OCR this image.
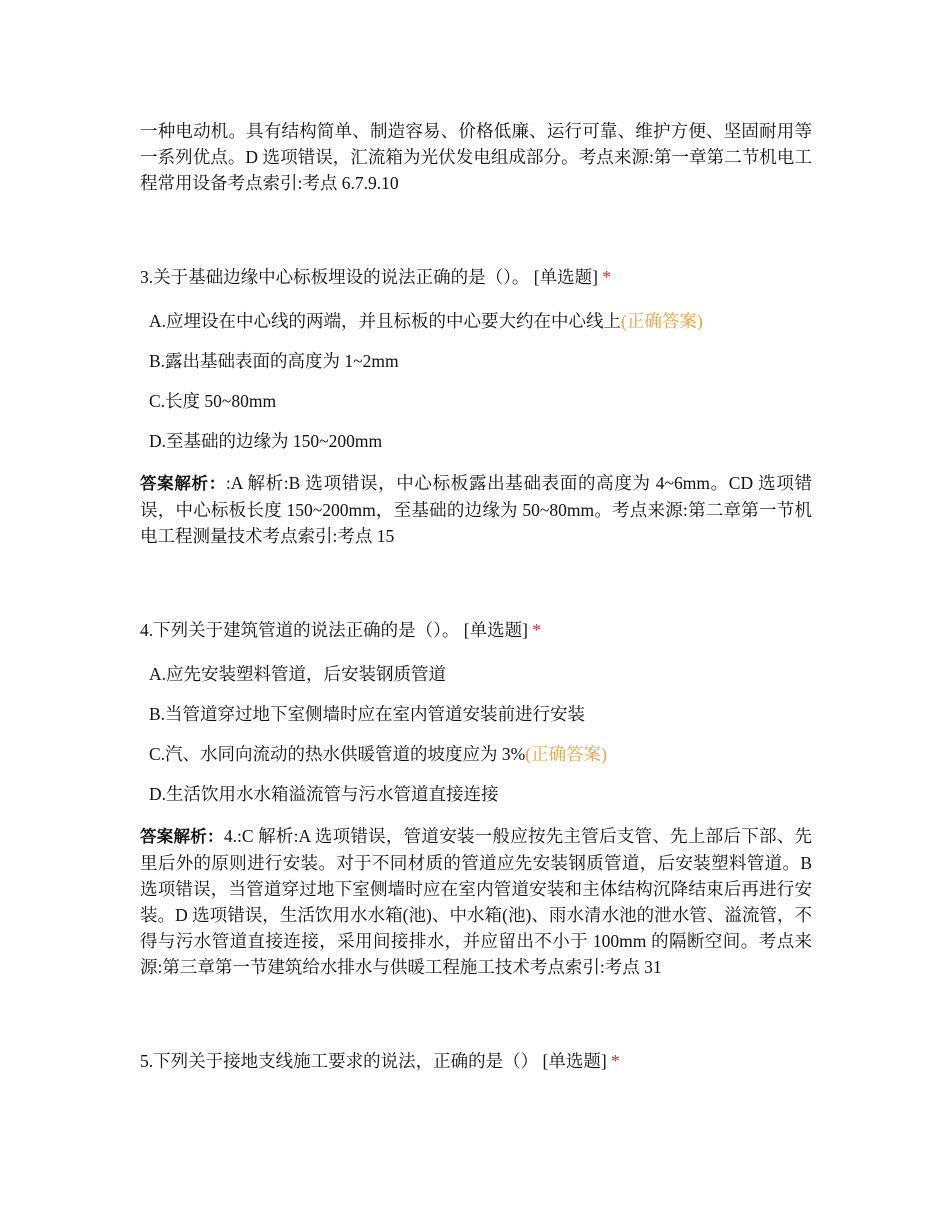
一种电动机。具有结构简单、制造容易、价格低廉、运行可靠、维护方便、坚固耐用等一系列优点。D 选项错误，汇流箱为光伏发电组成部分。考点来源:第一章第二节机电工程常用设备考点索引:考点 6.7.9.10

3.关于基础边缘中心标板埋设的说法正确的是（）。 [单选题] *

A.应埋设在中心线的两端，并且标板的中心要大约在中心线上(正确答案)

B.露出基础表面的高度为 1~2mm

C.长度 50~80mm

D.至基础的边缘为 150~200mm

答案解析：:A 解析:B 选项错误，中心标板露出基础表面的高度为 4~6mm。CD 选项错误，中心标板长度 150~200mm，至基础的边缘为 50~80mm。考点来源:第二章第一节机电工程测量技术考点索引:考点 15

4.下列关于建筑管道的说法正确的是（）。 [单选题] *

A.应先安装塑料管道，后安装钢质管道

B.当管道穿过地下室侧墙时应在室内管道安装前进行安装

C.汽、水同向流动的热水供暖管道的坡度应为 3%(正确答案)

D.生活饮用水水箱溢流管与污水管道直接连接

答案解析：4.:C 解析:A 选项错误，管道安装一般应按先主管后支管、先上部后下部、先里后外的原则进行安装。对于不同材质的管道应先安装钢质管道，后安装塑料管道。B 选项错误，当管道穿过地下室侧墙时应在室内管道安装和主体结构沉降结束后再进行安装。D 选项错误，生活饮用水水箱(池)、中水箱(池)、雨水清水池的泄水管、溢流管，不得与污水管道直接连接，采用间接排水，并应留出不小于 100mm 的隔断空间。考点来源:第三章第一节建筑给水排水与供暖工程施工技术考点索引:考点 31

5.下列关于接地支线施工要求的说法，正确的是（） [单选题] *
